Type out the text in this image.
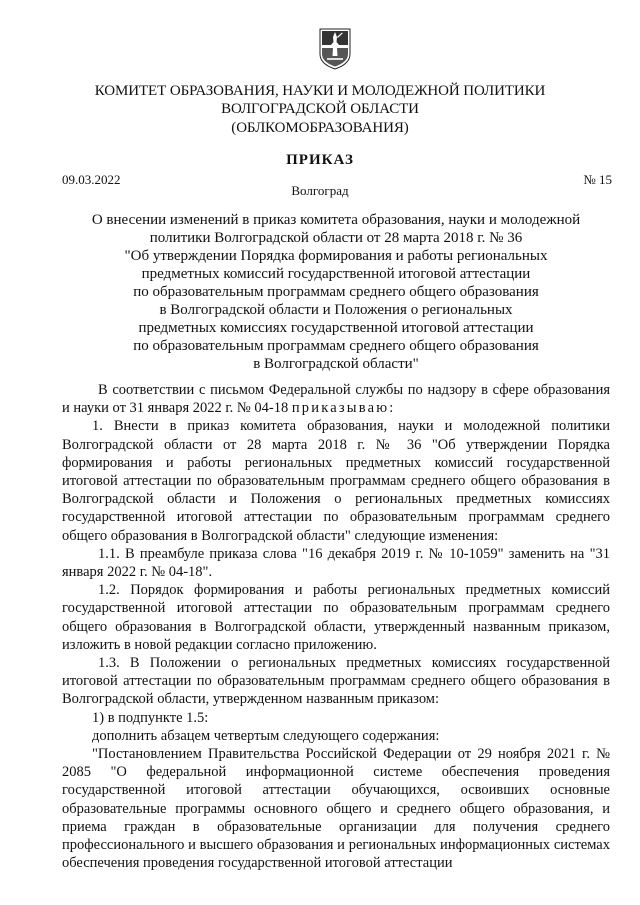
КОМИТЕТ ОБРАЗОВАНИЯ, НАУКИ И МОЛОДЕЖНОЙ ПОЛИТИКИ
ВОЛГОГРАДСКОЙ ОБЛАСТИ
(ОБЛКОМОБРАЗОВАНИЯ)
ПРИКАЗ
09.03.2022	№ 15
Волгоград
О внесении изменений в приказ комитета образования, науки и молодежной
политики Волгоградской области от 28 марта 2018 г. № 36
"Об утверждении Порядка формирования и работы региональных
предметных комиссий государственной итоговой аттестации
по образовательным программам среднего общего образования
в Волгоградской области и Положения о региональных
предметных комиссиях государственной итоговой аттестации
по образовательным программам среднего общего образования
в Волгоградской области"

В соответствии с письмом Федеральной службы по надзору в сфере образования и науки от 31 января 2022 г. № 04-18 приказываю:

1. Внести в приказ комитета образования, науки и молодежной политики Волгоградской области от 28 марта 2018 г. № 36 "Об утверждении Порядка формирования и работы региональных предметных комиссий государственной итоговой аттестации по образовательным программам среднего общего образования в Волгоградской области и Положения о региональных предметных комиссиях государственной итоговой аттестации по образовательным программам среднего общего образования в Волгоградской области" следующие изменения:

1.1. В преамбуле приказа слова "16 декабря 2019 г. № 10-1059" заменить на "31 января 2022 г. № 04-18".

1.2. Порядок формирования и работы региональных предметных комиссий государственной итоговой аттестации по образовательным программам среднего общего образования в Волгоградской области, утвержденный названным приказом, изложить в новой редакции согласно приложению.

1.3. В Положении о региональных предметных комиссиях государственной итоговой аттестации по образовательным программам среднего общего образования в Волгоградской области, утвержденном названным приказом:

1) в подпункте 1.5:

дополнить абзацем четвертым следующего содержания:

"Постановлением Правительства Российской Федерации от 29 ноября 2021 г. № 2085 "О федеральной информационной системе обеспечения проведения государственной итоговой аттестации обучающихся, освоивших основные образовательные программы основного общего и среднего общего образования, и приема граждан в образовательные организации для получения среднего профессионального и высшего образования и региональных информационных системах обеспечения проведения государственной итоговой аттестации
